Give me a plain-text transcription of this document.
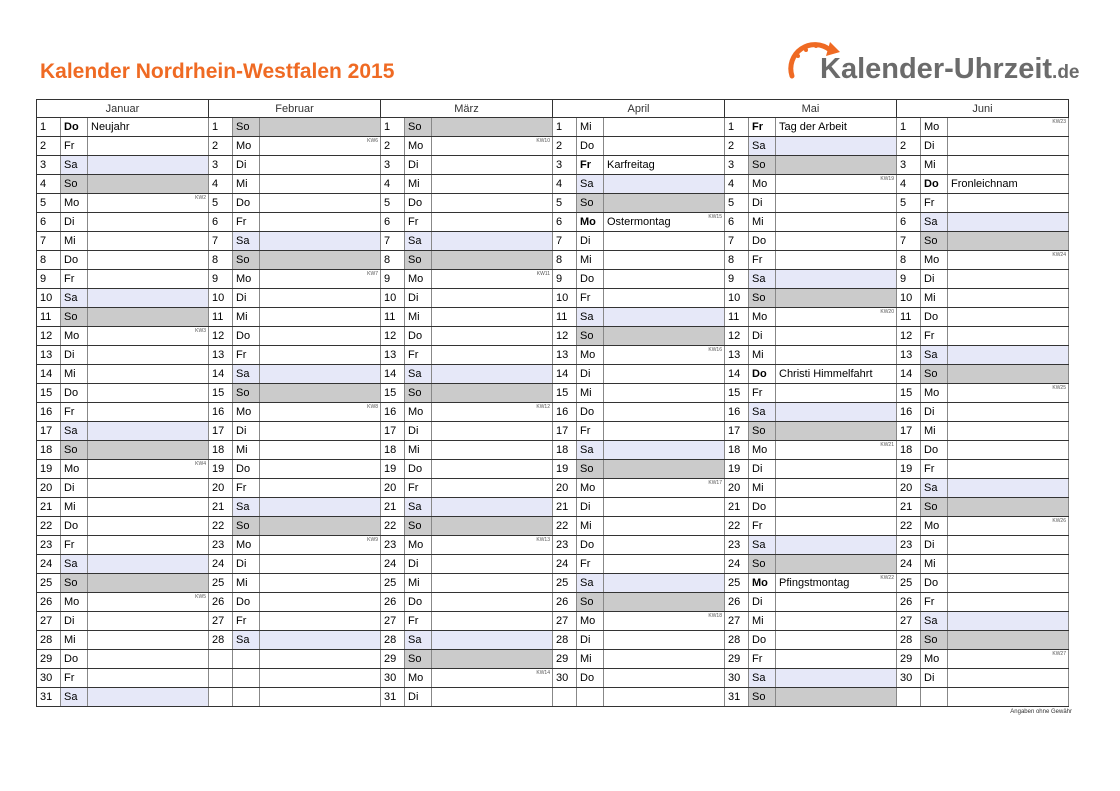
Kalender Nordrhein-Westfalen 2015	Kalender-Uhrzeit.de
Januar			Februar			März			April			Mai			Juni		
1	Do	Neujahr	1	So		1	So		1	Mi		1	Fr	Tag der Arbeit	1	Mo	KW23

2	Fr		2	Mo	KW6	2	Mo	KW10	2	Do		2	Sa		2	Di	
3	Sa		3	Di		3	Di		3	Fr	Karfreitag	3	So		3	Mi	
4	So		4	Mi		4	Mi		4	Sa		4	Mo	KW19	4	Do	Fronleichnam
5	Mo	KW2	5	Do		5	Do		5	So		5	Di		5	Fr	
6	Di		6	Fr		6	Fr		6	Mo	Ostermontag KW15	6	Mi		6	Sa	
7	Mi		7	Sa		7	Sa		7	Di		7	Do		7	So	
8	Do		8	So		8	So		8	Mi		8	Fr		8	Mo	KW24

9	Fr		9	Mo	KW7	9	Mo	KW11	9	Do		9	Sa		9	Di	
10	Sa		10	Di		10	Di		10	Fr		10	So		10	Mi	
11	So		11	Mi		11	Mi		11	Sa		11	Mo	KW20	11	Do	
12	Mo	KW3	12	Do		12	Do		12	So		12	Di		12	Fr	
13	Di		13	Fr		13	Fr		13	Mo	KW16	13	Mi		13	Sa	
14	Mi		14	Sa		14	Sa		14	Di		14	Do	Christi Himmelfahrt	14	So	
15	Do		15	So		15	So		15	Mi		15	Fr		15	Mo	KW25

16	Fr		16	Mo	KW8	16	Mo	KW12	16	Do		16	Sa		16	Di	
17	Sa		17	Di		17	Di		17	Fr		17	So		17	Mi	
18	So		18	Mi		18	Mi		18	Sa		18	Mo	KW21	18	Do	
19	Mo	KW4	19	Do		19	Do		19	So		19	Di		19	Fr	
20	Di		20	Fr		20	Fr		20	Mo	KW17	20	Mi		20	Sa	
21	Mi		21	Sa		21	Sa		21	Di		21	Do		21	So	
22	Do		22	So		22	So		22	Mi		22	Fr		22	Mo	KW26

23	Fr		23	Mo	KW9	23	Mo	KW13	23	Do		23	Sa		23	Di	
24	Sa		24	Di		24	Di		24	Fr		24	So		24	Mi	
25	So		25	Mi		25	Mi		25	Sa		25	Mo	Pfingstmontag KW22	25	Do	
26	Mo	KW5	26	Do		26	Do		26	So		26	Di		26	Fr	
27	Di		27	Fr		27	Fr		27	Mo	KW18	27	Mi		27	Sa	
28	Mi		28	Sa		28	Sa		28	Di		28	Do		28	So	
29	Do					29	So		29	Mi		29	Fr		29	Mo	KW27

30	Fr					30	Mo	KW14	30	Do		30	Sa		30	Di	
31	Sa					31	Di					31	So				
Angaben ohne Gewähr
